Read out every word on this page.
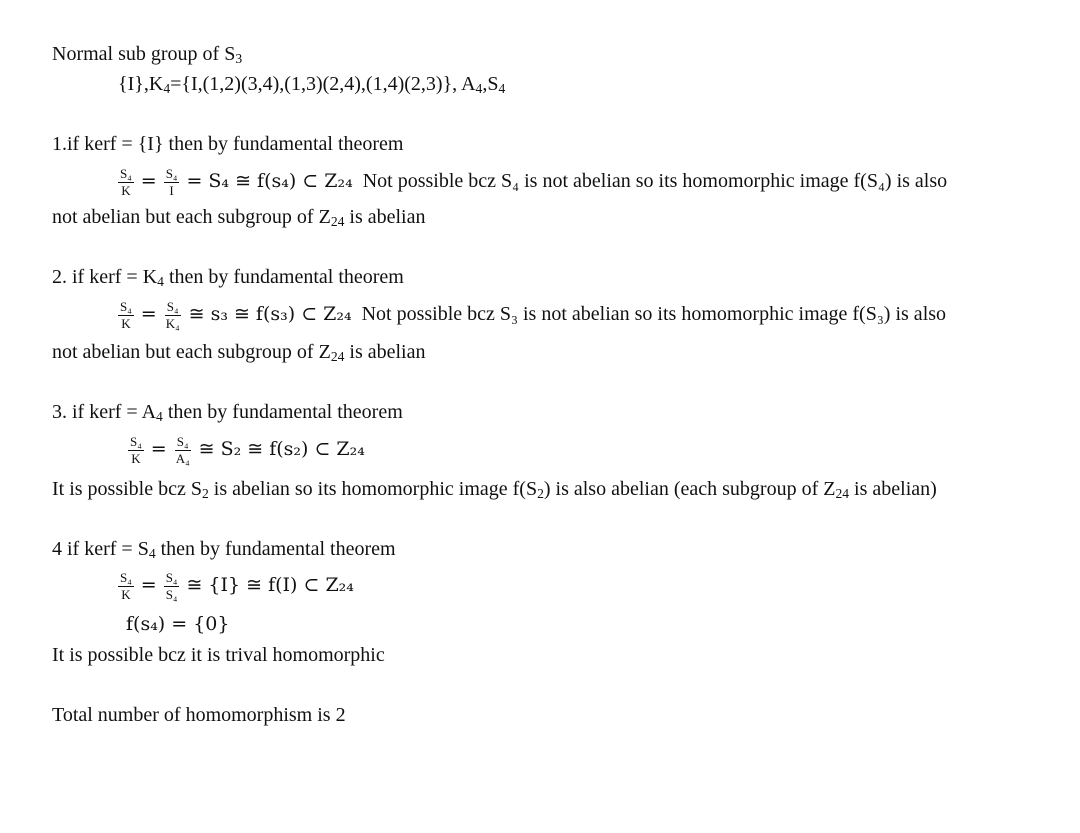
Normal sub group of $S_3$
$\{I\},K_4=\{I,(1,2)(3,4),(1,3)(2,4),(1,4)(2,3)\}$, $A_4,S_4$
1.if kerf = {I} then by fundamental theorem
$\frac{\text{S₄}}{K} = \frac{\text{S₄}}{I} = S_4$ ≅ f(s₄) ⊂ Z₂₄ Not possible bcz S₄ is not abelian so its homomorphic image f(S₄) is also
not abelian but each subgroup of $Z_{24}$ is abelian
2. if kerf = $K_4$ then by fundamental theorem
$\frac{\text{S₄}}{K} = \frac{\text{S₄}}{\text{K₄}}$ ≅ s₃ ≅ f(s₃) ⊂ Z₂₄ Not possible bcz S₃ is not abelian so its homomorphic image f(S₃) is also
not abelian but each subgroup of $Z_{24}$ is abelian
3. if kerf = $A_4$ then by fundamental theorem
$\frac{\text{S₄}}{K} = \frac{\text{S₄}}{\text{A₄}}$ ≅ S₂ ≅ f(s₂) ⊂ Z₂₄
It is possible bcz $S_2$ is abelian so its homomorphic image $f(S_2)$ is also abelian (each subgroup of $Z_{24}$ is abelian)
4 if kerf = $S_4$ then by fundamental theorem
$\frac{\text{S₄}}{K} = \frac{\text{S₄}}{\text{S₄}}$ ≅ {I} ≅ f(I) ⊂ Z₂₄
f(s₄) = {0}
It is possible bcz it is trival homomorphic
Total number of homomorphism is 2
